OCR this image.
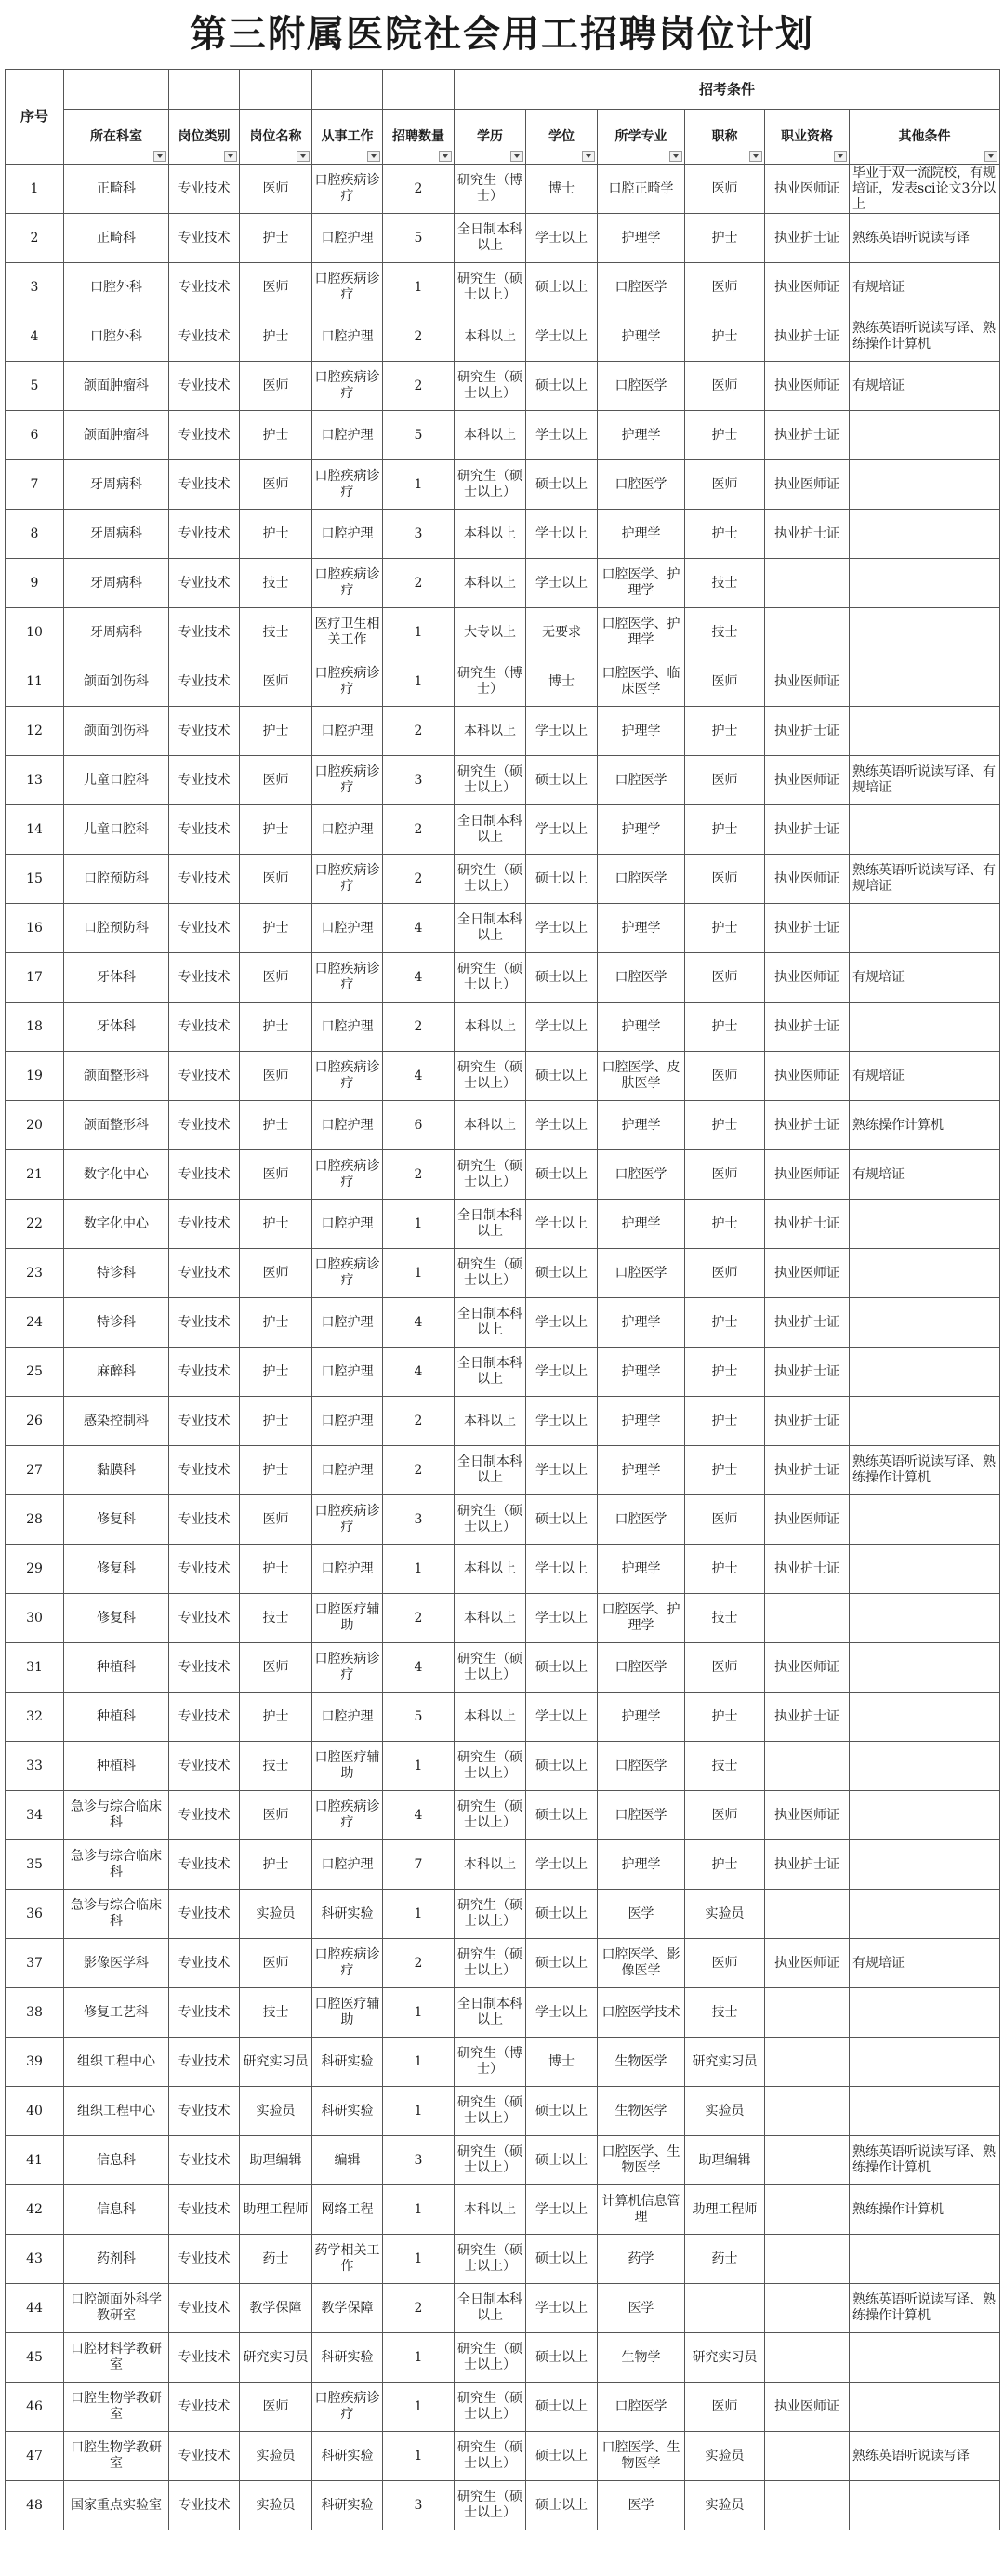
第三附属医院社会用工招聘岗位计划
序号						招考条件					
	所在科室	岗位类别	岗位名称	从事工作	招聘数量	学历	学位	所学专业	职称	职业资格	其他条件

1	正畸科	专业技术	医师	口腔疾病诊疗	2	研究生（博士）	博士	口腔正畸学	医师	执业医师证	毕业于双一流院校，有规培证，发表sci论文3分以上
2	正畸科	专业技术	护士	口腔护理	5	全日制本科以上	学士以上	护理学	护士	执业护士证	熟练英语听说读写译
3	口腔外科	专业技术	医师	口腔疾病诊疗	1	研究生（硕士以上）	硕士以上	口腔医学	医师	执业医师证	有规培证
4	口腔外科	专业技术	护士	口腔护理	2	本科以上	学士以上	护理学	护士	执业护士证	熟练英语听说读写译、熟练操作计算机
5	颌面肿瘤科	专业技术	医师	口腔疾病诊疗	2	研究生（硕士以上）	硕士以上	口腔医学	医师	执业医师证	有规培证
6	颌面肿瘤科	专业技术	护士	口腔护理	5	本科以上	学士以上	护理学	护士	执业护士证	
7	牙周病科	专业技术	医师	口腔疾病诊疗	1	研究生（硕士以上）	硕士以上	口腔医学	医师	执业医师证	
8	牙周病科	专业技术	护士	口腔护理	3	本科以上	学士以上	护理学	护士	执业护士证	
9	牙周病科	专业技术	技士	口腔疾病诊疗	2	本科以上	学士以上	口腔医学、护理学	技士		
10	牙周病科	专业技术	技士	医疗卫生相关工作	1	大专以上	无要求	口腔医学、护理学	技士		
11	颌面创伤科	专业技术	医师	口腔疾病诊疗	1	研究生（博士）	博士	口腔医学、临床医学	医师	执业医师证	
12	颌面创伤科	专业技术	护士	口腔护理	2	本科以上	学士以上	护理学	护士	执业护士证	
13	儿童口腔科	专业技术	医师	口腔疾病诊疗	3	研究生（硕士以上）	硕士以上	口腔医学	医师	执业医师证	熟练英语听说读写译、有规培证
14	儿童口腔科	专业技术	护士	口腔护理	2	全日制本科以上	学士以上	护理学	护士	执业护士证	
15	口腔预防科	专业技术	医师	口腔疾病诊疗	2	研究生（硕士以上）	硕士以上	口腔医学	医师	执业医师证	熟练英语听说读写译、有规培证
16	口腔预防科	专业技术	护士	口腔护理	4	全日制本科以上	学士以上	护理学	护士	执业护士证	
17	牙体科	专业技术	医师	口腔疾病诊疗	4	研究生（硕士以上）	硕士以上	口腔医学	医师	执业医师证	有规培证
18	牙体科	专业技术	护士	口腔护理	2	本科以上	学士以上	护理学	护士	执业护士证	
19	颌面整形科	专业技术	医师	口腔疾病诊疗	4	研究生（硕士以上）	硕士以上	口腔医学、皮肤医学	医师	执业医师证	有规培证
20	颌面整形科	专业技术	护士	口腔护理	6	本科以上	学士以上	护理学	护士	执业护士证	熟练操作计算机
21	数字化中心	专业技术	医师	口腔疾病诊疗	2	研究生（硕士以上）	硕士以上	口腔医学	医师	执业医师证	有规培证
22	数字化中心	专业技术	护士	口腔护理	1	全日制本科以上	学士以上	护理学	护士	执业护士证	
23	特诊科	专业技术	医师	口腔疾病诊疗	1	研究生（硕士以上）	硕士以上	口腔医学	医师	执业医师证	
24	特诊科	专业技术	护士	口腔护理	4	全日制本科以上	学士以上	护理学	护士	执业护士证	
25	麻醉科	专业技术	护士	口腔护理	4	全日制本科以上	学士以上	护理学	护士	执业护士证	
26	感染控制科	专业技术	护士	口腔护理	2	本科以上	学士以上	护理学	护士	执业护士证	
27	黏膜科	专业技术	护士	口腔护理	2	全日制本科以上	学士以上	护理学	护士	执业护士证	熟练英语听说读写译、熟练操作计算机
28	修复科	专业技术	医师	口腔疾病诊疗	3	研究生（硕士以上）	硕士以上	口腔医学	医师	执业医师证	
29	修复科	专业技术	护士	口腔护理	1	本科以上	学士以上	护理学	护士	执业护士证	
30	修复科	专业技术	技士	口腔医疗辅助	2	本科以上	学士以上	口腔医学、护理学	技士		
31	种植科	专业技术	医师	口腔疾病诊疗	4	研究生（硕士以上）	硕士以上	口腔医学	医师	执业医师证	
32	种植科	专业技术	护士	口腔护理	5	本科以上	学士以上	护理学	护士	执业护士证	
33	种植科	专业技术	技士	口腔医疗辅助	1	研究生（硕士以上）	硕士以上	口腔医学	技士		
34	急诊与综合临床科	专业技术	医师	口腔疾病诊疗	4	研究生（硕士以上）	硕士以上	口腔医学	医师	执业医师证	
35	急诊与综合临床科	专业技术	护士	口腔护理	7	本科以上	学士以上	护理学	护士	执业护士证	
36	急诊与综合临床科	专业技术	实验员	科研实验	1	研究生（硕士以上）	硕士以上	医学	实验员		
37	影像医学科	专业技术	医师	口腔疾病诊疗	2	研究生（硕士以上）	硕士以上	口腔医学、影像医学	医师	执业医师证	有规培证
38	修复工艺科	专业技术	技士	口腔医疗辅助	1	全日制本科以上	学士以上	口腔医学技术	技士		
39	组织工程中心	专业技术	研究实习员	科研实验	1	研究生（博士）	博士	生物医学	研究实习员		
40	组织工程中心	专业技术	实验员	科研实验	1	研究生（硕士以上）	硕士以上	生物医学	实验员		
41	信息科	专业技术	助理编辑	编辑	3	研究生（硕士以上）	硕士以上	口腔医学、生物医学	助理编辑		熟练英语听说读写译、熟练操作计算机
42	信息科	专业技术	助理工程师	网络工程	1	本科以上	学士以上	计算机信息管理	助理工程师		熟练操作计算机
43	药剂科	专业技术	药士	药学相关工作	1	研究生（硕士以上）	硕士以上	药学	药士		
44	口腔颌面外科学教研室	专业技术	教学保障	教学保障	2	全日制本科以上	学士以上	医学			熟练英语听说读写译、熟练操作计算机
45	口腔材料学教研室	专业技术	研究实习员	科研实验	1	研究生（硕士以上）	硕士以上	生物学	研究实习员		
46	口腔生物学教研室	专业技术	医师	口腔疾病诊疗	1	研究生（硕士以上）	硕士以上	口腔医学	医师	执业医师证	
47	口腔生物学教研室	专业技术	实验员	科研实验	1	研究生（硕士以上）	硕士以上	口腔医学、生物医学	实验员		熟练英语听说读写译
48	国家重点实验室	专业技术	实验员	科研实验	3	研究生（硕士以上）	硕士以上	医学	实验员		
